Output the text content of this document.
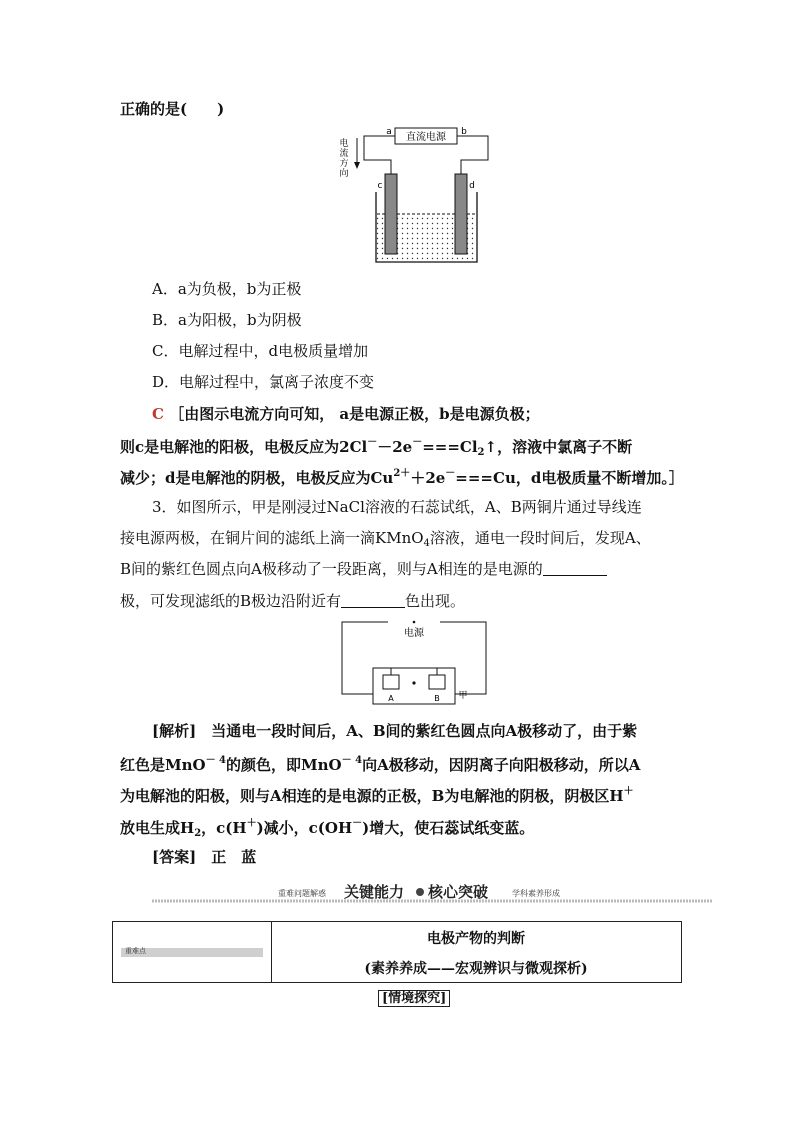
正确的是(　　)
直流电源
a	b
电流方向
c	d
A．a为负极，b为正极
B．a为阳极，b为阴极
C．电解过程中，d电极质量增加
D．电解过程中，氯离子浓度不变
C ［由图示电流方向可知， a是电源正极，b是电源负极；
则c是电解池的阳极，电极反应为$2Cl^--2e^-===Cl_2↑$，溶液中氯离子不断
减少；d是电解池的阴极，电极反应为$Cu^{2+}+2e^-===Cu$，d电极质量不断增加。］
3．如图所示，甲是刚浸过NaCl溶液的石蕊试纸，A、B两铜片通过导线连
接电源两极，在铜片间的滤纸上滴一滴KMnO$_4$溶液，通电一段时间后，发现A、
B间的紫红色圆点向A极移动了一段距离，则与A相连的是电源的
极，可发现滤纸的B极边沿附近有	色出现。
电源
A	B 甲
[解析]　当通电一段时间后，A、B间的紫红色圆点向A极移动了，由于紫
红色是MnO$^{- 4}$的颜色，即MnO$^{- 4}$向A极移动，因阴离子向阳极移动，所以A
为电解池的阳极，则与A相连的是电源的正极，B为电解池的阴极，阴极区H＋
放电生成$H_2$，c(H＋)减小，c(OH－)增大，使石蕊试纸变蓝。
[答案]　正　蓝
重难问题解惑 关键能力 核心突破	学科素养形成
重难点
电极产物的判断
(素养养成——宏观辨识与微观探析)
[情境探究]
